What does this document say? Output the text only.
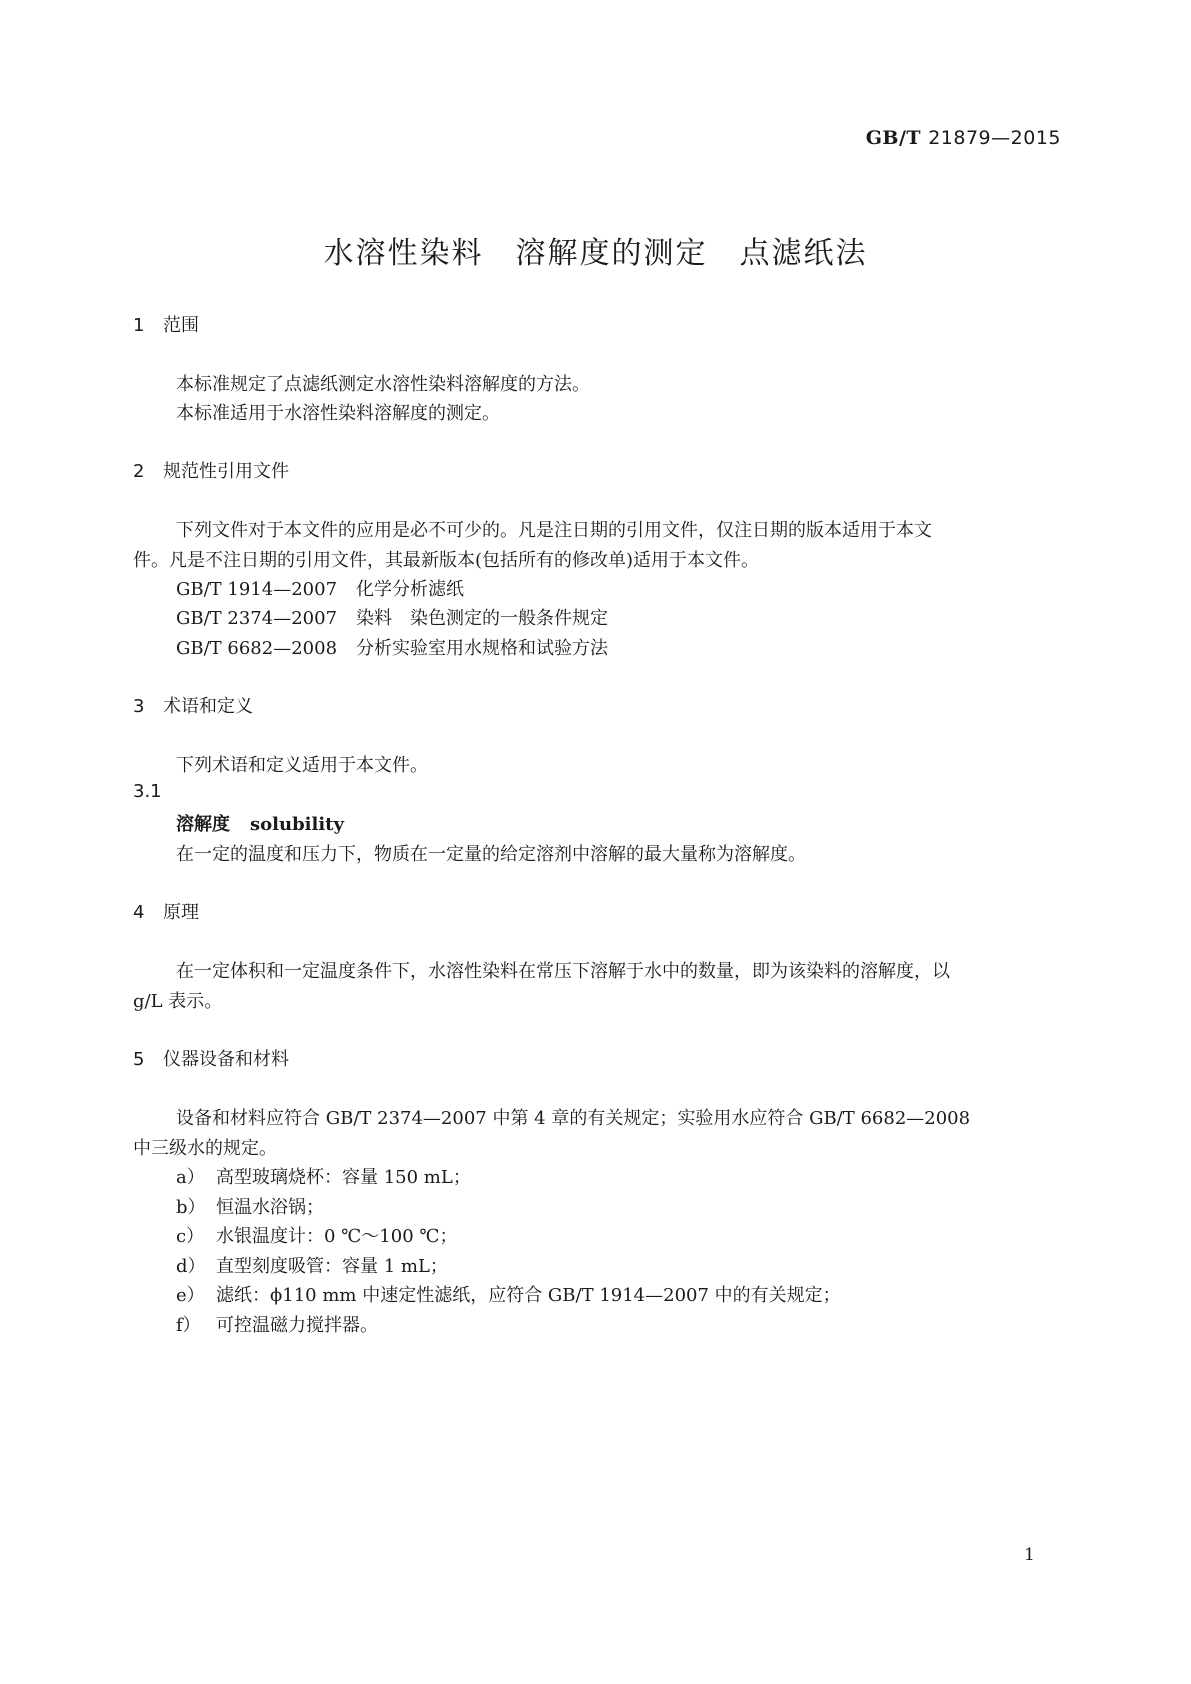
GB/T 21879—2015
水溶性染料　溶解度的测定　点滤纸法
1 范围
本标准规定了点滤纸测定水溶性染料溶解度的方法。
本标准适用于水溶性染料溶解度的测定。
2 规范性引用文件
下列文件对于本文件的应用是必不可少的。凡是注日期的引用文件，仅注日期的版本适用于本文
件。凡是不注日期的引用文件，其最新版本(包括所有的修改单)适用于本文件。
GB/T 1914—2007 化学分析滤纸
GB/T 2374—2007 染料　染色测定的一般条件规定
GB/T 6682—2008 分析实验室用水规格和试验方法
3 术语和定义
下列术语和定义适用于本文件。
3.1
溶解度 solubility
在一定的温度和压力下，物质在一定量的给定溶剂中溶解的最大量称为溶解度。
4 原理
在一定体积和一定温度条件下，水溶性染料在常压下溶解于水中的数量，即为该染料的溶解度，以
g/L 表示。
5 仪器设备和材料
设备和材料应符合 GB/T 2374—2007 中第 4 章的有关规定；实验用水应符合 GB/T 6682—2008
中三级水的规定。
a） 高型玻璃烧杯：容量 150 mL；
b） 恒温水浴锅；
c） 水银温度计：0 ℃～100 ℃；
d） 直型刻度吸管：容量 1 mL；
e） 滤纸：ϕ110 mm 中速定性滤纸，应符合 GB/T 1914—2007 中的有关规定；
f） 可控温磁力搅拌器。
1
